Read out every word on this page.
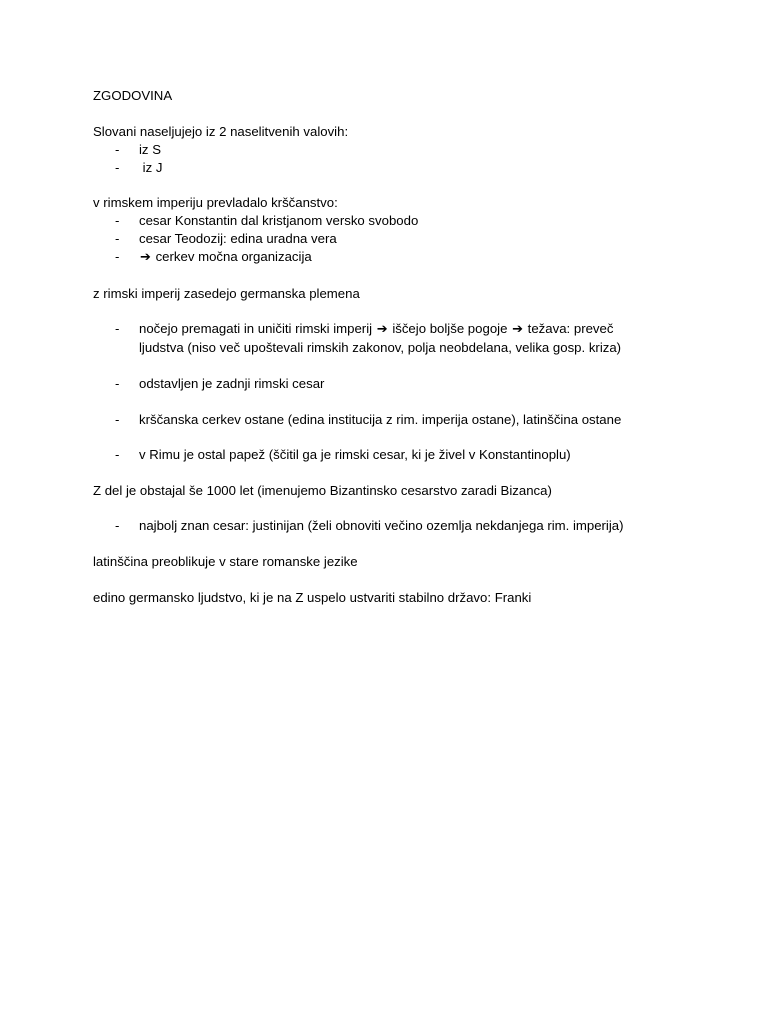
ZGODOVINA

Slovani naseljujejo iz 2 naselitvenih valovih:

- iz S
- iz J

v rimskem imperiju prevladalo krščanstvo:

- cesar Konstantin dal kristjanom versko svobodo
- cesar Teodozij: edina uradna vera
- ➔ cerkev močna organizacija

z rimski imperij zasedejo germanska plemena

- nočejo premagati in uničiti rimski imperij ➔ iščejo boljše pogoje ➔ težava: preveč
ljudstva (niso več upoštevali rimskih zakonov, polja neobdelana, velika gosp. kriza)
- odstavljen je zadnji rimski cesar
- krščanska cerkev ostane (edina institucija z rim. imperija ostane), latinščina ostane
- v Rimu je ostal papež (ščitil ga je rimski cesar, ki je živel v Konstantinoplu)

Z del je obstajal še 1000 let (imenujemo Bizantinsko cesarstvo zaradi Bizanca)

- najbolj znan cesar: justinijan (želi obnoviti večino ozemlja nekdanjega rim. imperija)

latinščina preoblikuje v stare romanske jezike

edino germansko ljudstvo, ki je na Z uspelo ustvariti stabilno državo: Franki
